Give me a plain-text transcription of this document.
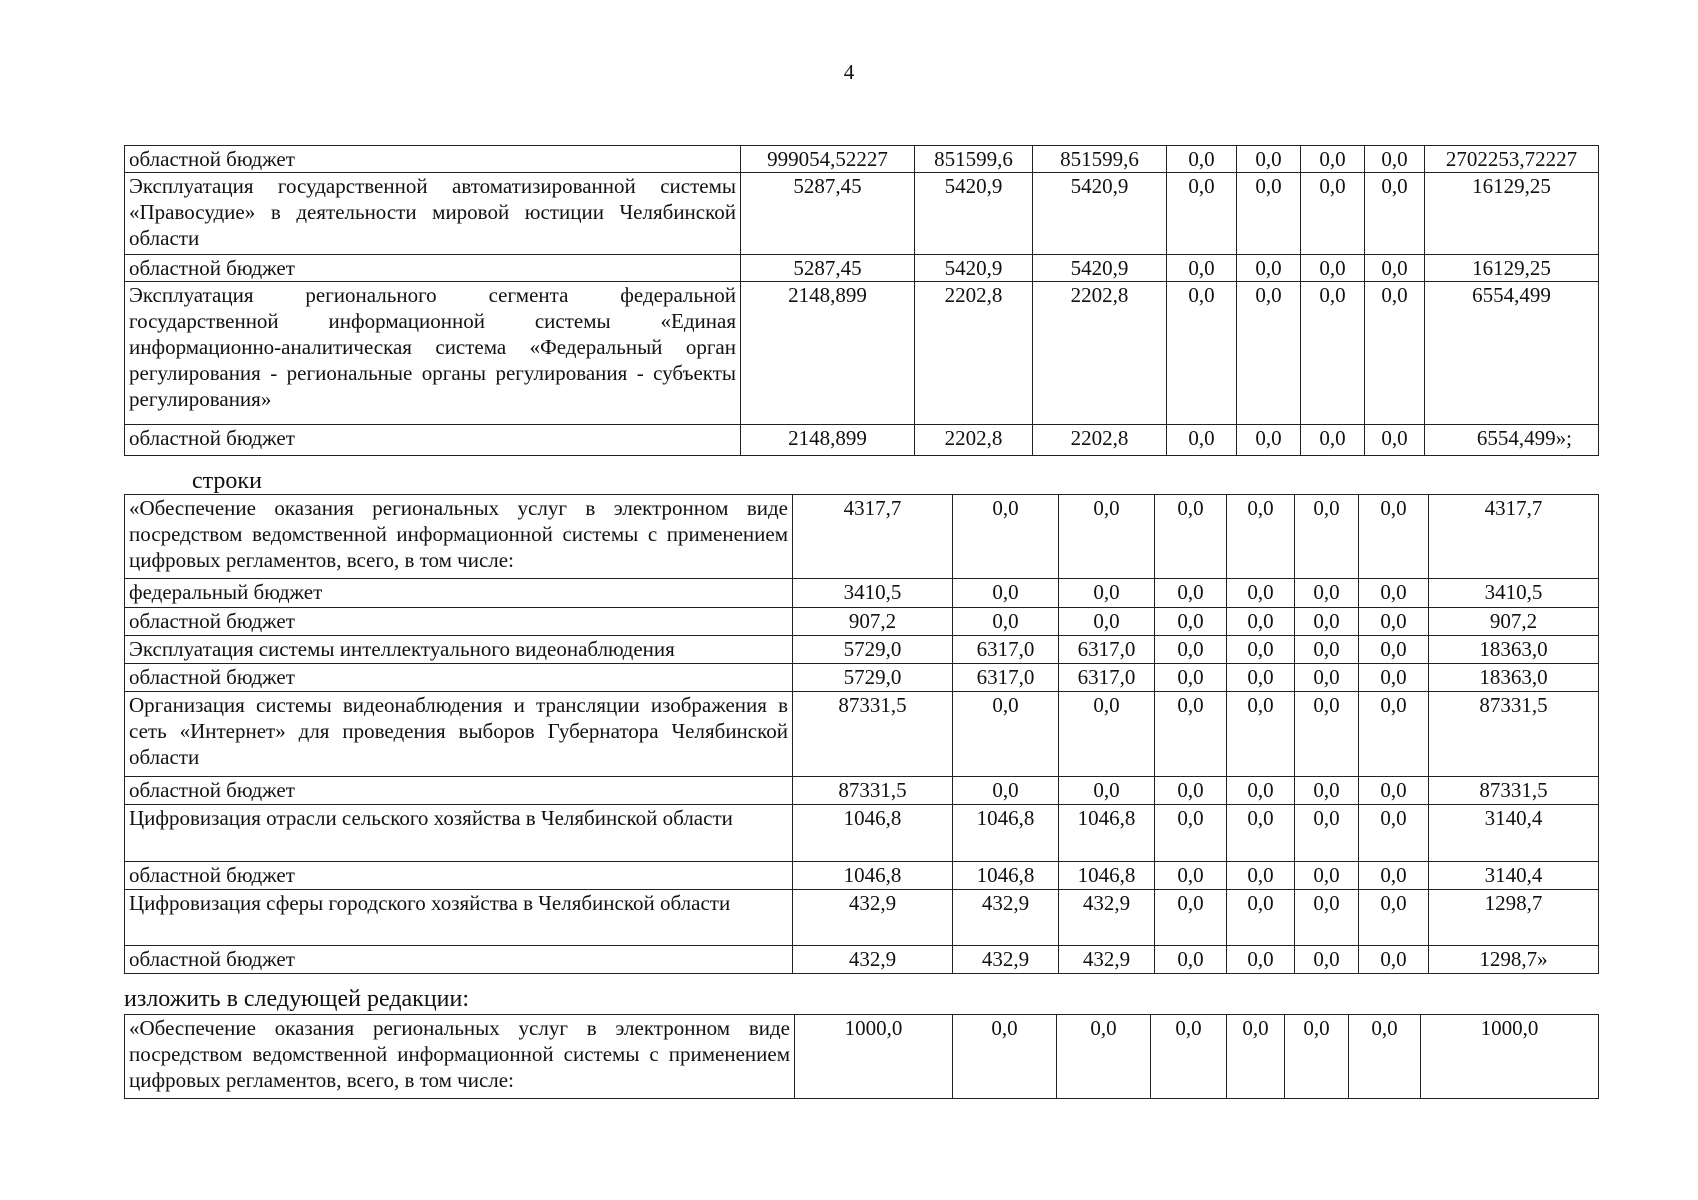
4
областной бюджет	999054,52227	851599,6	851599,6	0,0	0,0	0,0	0,0	2702253,72227
Эксплуатация государственной автоматизированной системы «Правосудие» в деятельности мировой юстиции Челябинской области	5287,45	5420,9	5420,9	0,0	0,0	0,0	0,0	16129,25
областной бюджет	5287,45	5420,9	5420,9	0,0	0,0	0,0	0,0	16129,25
Эксплуатация регионального сегмента федеральной государственной информационной системы «Единая информационно-аналитическая система «Федеральный орган регулирования - региональные органы регулирования - субъекты регулирования»	2148,899	2202,8	2202,8	0,0	0,0	0,0	0,0	6554,499
областной бюджет	2148,899	2202,8	2202,8	0,0	0,0	0,0	0,0	6554,499»;
строки
«Обеспечение оказания региональных услуг в электронном виде посредством ведомственной информационной системы с применением цифровых регламентов, всего, в том числе:	4317,7	0,0	0,0	0,0	0,0	0,0	0,0	4317,7
федеральный бюджет	3410,5	0,0	0,0	0,0	0,0	0,0	0,0	3410,5
областной бюджет	907,2	0,0	0,0	0,0	0,0	0,0	0,0	907,2
Эксплуатация системы интеллектуального видеонаблюдения	5729,0	6317,0	6317,0	0,0	0,0	0,0	0,0	18363,0
областной бюджет	5729,0	6317,0	6317,0	0,0	0,0	0,0	0,0	18363,0
Организация системы видеонаблюдения и трансляции изображения в сеть «Интернет» для проведения выборов Губернатора Челябинской области	87331,5	0,0	0,0	0,0	0,0	0,0	0,0	87331,5
областной бюджет	87331,5	0,0	0,0	0,0	0,0	0,0	0,0	87331,5
Цифровизация отрасли сельского хозяйства в Челябинской области	1046,8	1046,8	1046,8	0,0	0,0	0,0	0,0	3140,4
областной бюджет	1046,8	1046,8	1046,8	0,0	0,0	0,0	0,0	3140,4
Цифровизация сферы городского хозяйства в Челябинской области	432,9	432,9	432,9	0,0	0,0	0,0	0,0	1298,7
областной бюджет	432,9	432,9	432,9	0,0	0,0	0,0	0,0	1298,7»
изложить в следующей редакции:
«Обеспечение оказания региональных услуг в электронном виде посредством ведомственной информационной системы с применением цифровых регламентов, всего, в том числе:	1000,0	0,0	0,0	0,0	0,0	0,0	0,0	1000,0
